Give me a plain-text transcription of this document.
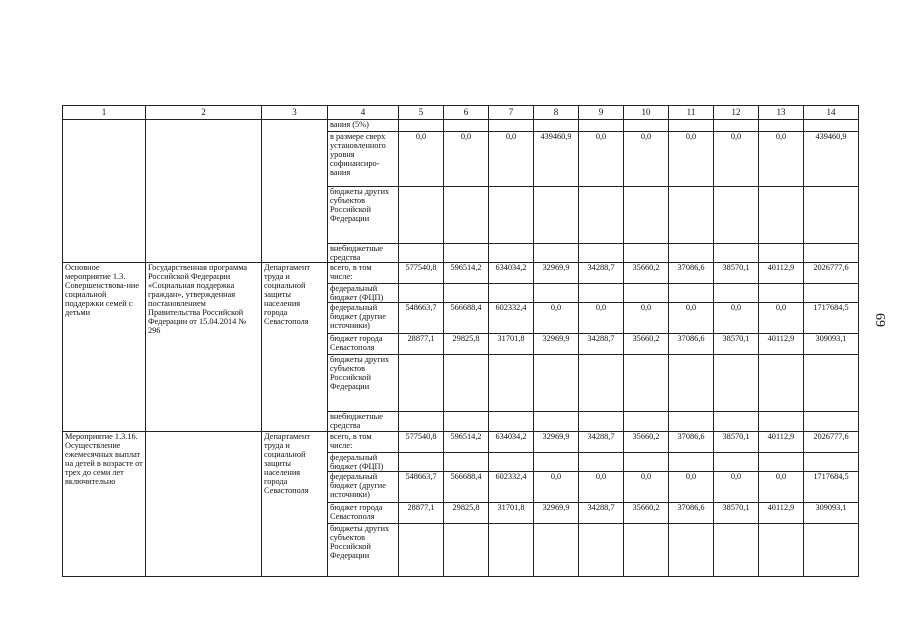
1	2	3	4	5	6	7	8	9	10	11	12	13	14
			вания (5%)										
			в размере сверх установленного уровня софинансиро-вания	0,0	0,0	0,0	439460,9	0,0	0,0	0,0	0,0	0,0	439460,9
			бюджеты других субъектов Российской Федерации										
			внебюджетные средства										
Основное мероприятие 1.3. Совершенствова-ние социальной поддержки семей с детьми	Государственная программа Российской Федерации «Социальная поддержка граждан», утвержденная постановлением Правительства Российской Федерации от 15.04.2014 № 296	Департамент труда и социальной защиты населения города Севастополя	всего, в том числе:	577540,8	596514,2	634034,2	32969,9	34288,7	35660,2	37086,6	38570,1	40112,9	2026777,6
			федеральный бюджет (ФЦП)										
			федеральный бюджет (другие источники)	548663,7	566688,4	602332,4	0,0	0,0	0,0	0,0	0,0	0,0	1717684,5
			бюджет города Севастополя	28877,1	29825,8	31701,8	32969,9	34288,7	35660,2	37086,6	38570,1	40112,9	309093,1
			бюджеты других субъектов Российской Федерации										
			внебюджетные средства										
Мероприятие 1.3.16. Осуществление ежемесячных выплат на детей в возрасте от трех до семи лет включительно		Департамент труда и социальной защиты населения города Севастополя	всего, в том числе:	577540,8	596514,2	634034,2	32969,9	34288,7	35660,2	37086,6	38570,1	40112,9	2026777,6
			федеральный бюджет (ФЦП)										
			федеральный бюджет (другие источники)	548663,7	566688,4	602332,4	0,0	0,0	0,0	0,0	0,0	0,0	1717684,5
			бюджет города Севастополя	28877,1	29825,8	31701,8	32969,9	34288,7	35660,2	37086,6	38570,1	40112,9	309093,1
			бюджеты других субъектов Российской Федерации										
69
